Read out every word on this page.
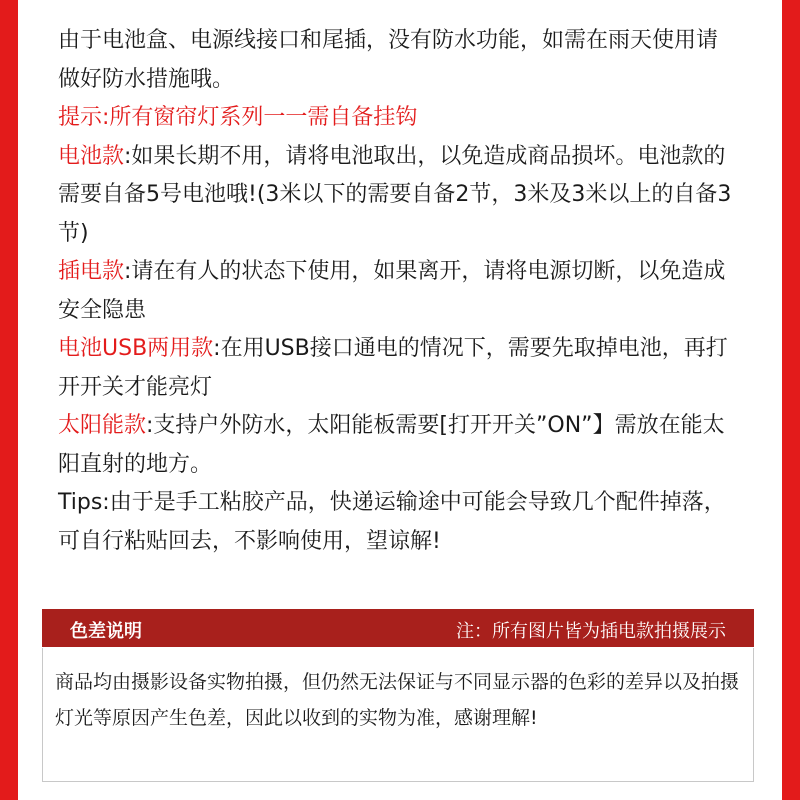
由于电池盒、电源线接口和尾插，没有防水功能，如需在雨天使用请做好防水措施哦。

提示:所有窗帘灯系列一一需自备挂钩

电池款:如果长期不用，请将电池取出，以免造成商品损坏。电池款的需要自备5号电池哦!(3米以下的需要自备2节，3米及3米以上的自备3节)

插电款:请在有人的状态下使用，如果离开，请将电源切断，以免造成安全隐患

电池USB两用款:在用USB接口通电的情况下，需要先取掉电池，再打开开关才能亮灯

太阳能款:支持户外防水，太阳能板需要[打开开关”ON”】需放在能太阳直射的地方。

Tips:由于是手工粘胶产品，快递运输途中可能会导致几个配件掉落，可自行粘贴回去，不影响使用，望谅解!

色差说明	注：所有图片皆为插电款拍摄展示
商品均由摄影设备实物拍摄，但仍然无法保证与不同显示器的色彩的差异以及拍摄灯光等原因产生色差，因此以收到的实物为准，感谢理解!
